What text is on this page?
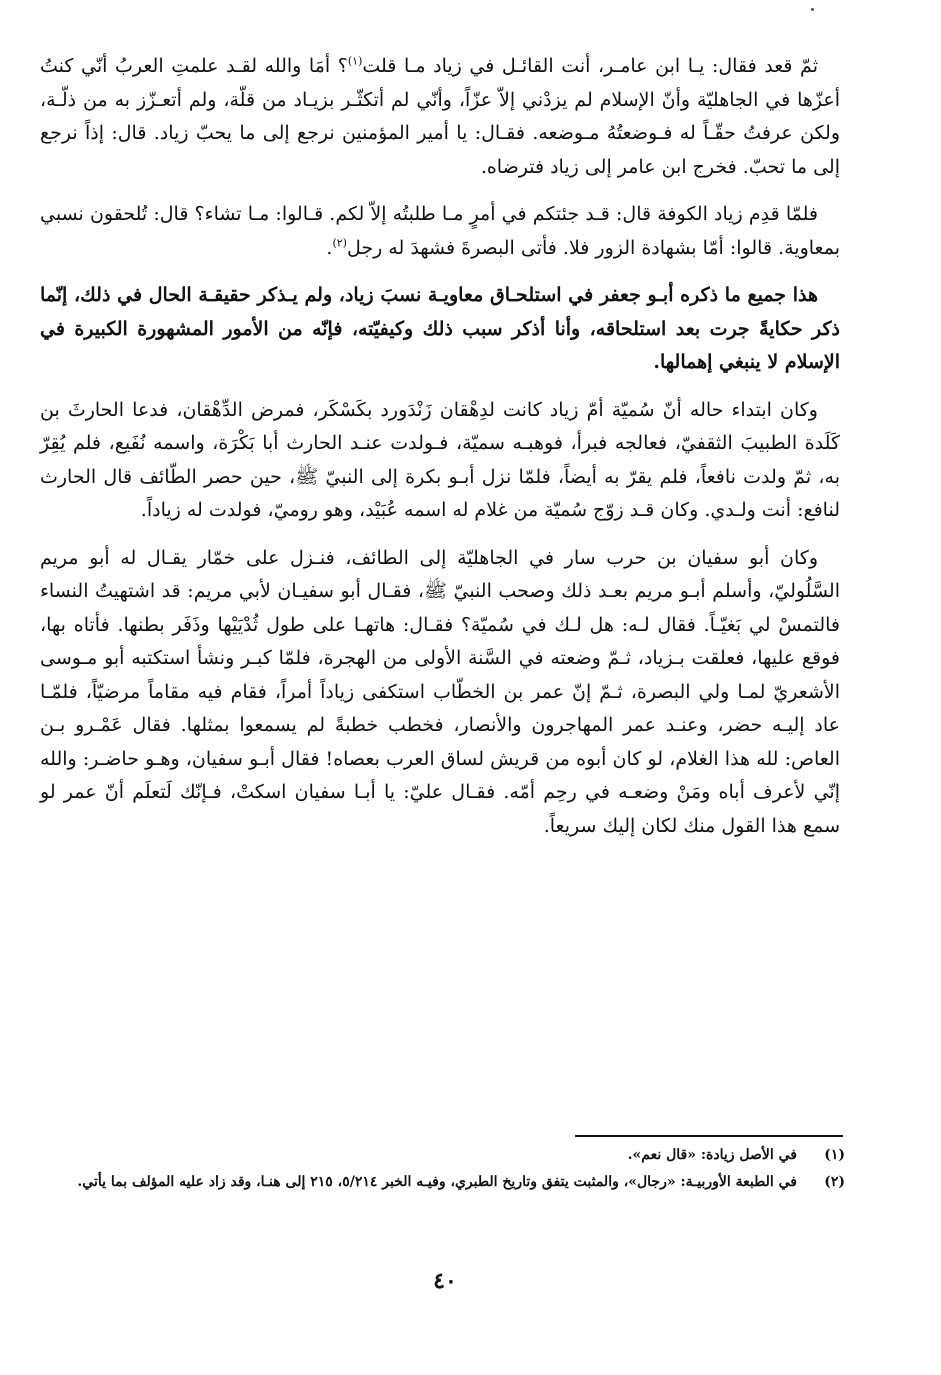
ثمّ قعد فقال: يـا ابن عامـر، أنت القائـل في زياد مـا قلت$^{(١)}$؟ أمَا والله لقـد علمتِ العربُ أنّي كنتُ أعزّها في الجاهليّة وأنّ الإسلام لم يزدْني إلاّ عزّاً، وأنّي لم أتكثّـر بزيـاد من قلّة، ولم أتعـزّز به من ذلّـة، ولكن عرفتُ حقّـاً له فـوضعتُهُ مـوضعه. فقـال: يا أمير المؤمنين نرجع إلى ما يحبّ زياد. قال: إذاً نرجع إلى ما تحبّ. فخرج ابن عامر إلى زياد فترضاه.

فلمّا قدِم زياد الكوفة قال: قـد جئتكم في أمرٍ مـا طلبتُه إلاّ لكم. قـالوا: مـا تشاء؟ قال: تُلحقون نسبي بمعاوية. قالوا: أمّا بشهادة الزور فلا. فأتى البصرةَ فشهدَ له رجل$^{(٢)}$.

هذا جميع ما ذكره أبـو جعفر في استلحـاق معاويـة نسبَ زياد، ولم يـذكر حقيقـة الحال في ذلك، إنّما ذكر حكايةً جرت بعد استلحاقه، وأنا أذكر سبب ذلك وكيفيّته، فإنّه من الأمور المشهورة الكبيرة في الإسلام لا ينبغي إهمالها.

وكان ابتداء حاله أنّ سُميّة أمّ زياد كانت لدِهْقان زَنْدَورد بكَسْكَر، فمرض الدِّهْقان، فدعا الحارثَ بن كَلَدة الطبيبَ الثقفيّ، فعالجه فبرأ، فوهبـه سميّة، فـولدت عنـد الحارث أبا بَكْرَة، واسمه نُفَيع، فلم يُقِرّ به، ثمّ ولدت نافعاً، فلم يقرّ به أيضاً، فلمّا نزل أبـو بكرة إلى النبيّ ﷺ، حين حصر الطّائف قال الحارث لنافع: أنت ولـدي. وكان قـد زوّج سُميّة من غلام له اسمه عُبَيْد، وهو روميّ، فولدت له زياداً.

وكان أبو سفيان بن حرب سار في الجاهليّة إلى الطائف، فنـزل على خمّار يقـال له أبو مريم السَّلُوليّ، وأسلم أبـو مريم بعـد ذلك وصحب النبيّ ﷺ، فقـال أبو سفيـان لأبي مريم: قد اشتهيتُ النساء فالتمسْ لي بَغيّـاً. فقال لـه: هل لـك في سُميّة؟ فقـال: هاتهـا على طول ثُدْيَيْها وذَفَر بطنها. فأتاه بها، فوقع عليها، فعلقت بـزياد، ثـمّ وضعته في السَّنة الأولى من الهجرة، فلمّا كبـر ونشأ استكتبه أبو مـوسى الأشعريّ لمـا ولي البصرة، ثـمّ إنّ عمر بن الخطّاب استكفى زياداً أمراً، فقام فيه مقاماً مرضيّاً، فلمّـا عاد إليـه حضر، وعنـد عمر المهاجرون والأنصار، فخطب خطبةً لم يسمعوا بمثلها. فقال عَمْـرو بـن العاص: لله هذا الغلام، لو كان أبوه من قريش لساق العرب بعصاه! فقال أبـو سفيان، وهـو حاضـر: والله إنّي لأعرف أباه ومَنْ وضعـه في رحِم أمّه. فقـال عليّ: يا أبـا سفيان اسكتْ، فـإنّك لَتعلَم أنّ عمر لو سمع هذا القول منك لكان إليك سريعاً.

(١)
في الأصل زيادة: «قال نعم».
(٢)
في الطبعة الأوربيـة: «رجال»، والمثبت يتفق وتاريخ الطبري، وفيـه الخبر ٥/٢١٤، ٢١٥ إلى هنـا، وقد زاد عليه المؤلف بما يأتي.
٤٠
